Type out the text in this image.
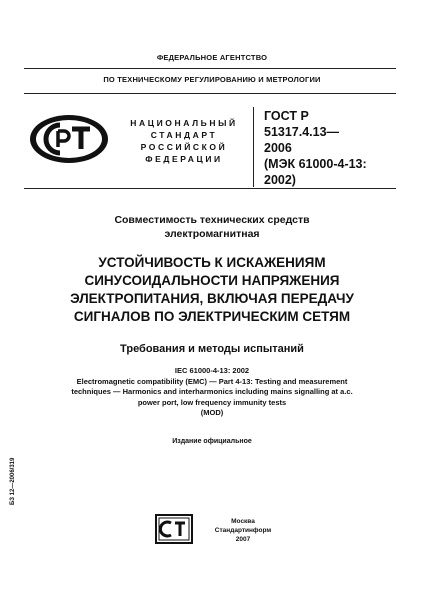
ФЕДЕРАЛЬНОЕ АГЕНТСТВО
ПО ТЕХНИЧЕСКОМУ РЕГУЛИРОВАНИЮ И МЕТРОЛОГИИ
НАЦИОНАЛЬНЫЙ
СТАНДАРТ
РОССИЙСКОЙ
ФЕДЕРАЦИИ
ГОСТ Р
51317.4.13—
2006
(МЭК 61000-4-13:
2002)
Совместимость технических средств
электромагнитная
УСТОЙЧИВОСТЬ К ИСКАЖЕНИЯМ
СИНУСОИДАЛЬНОСТИ НАПРЯЖЕНИЯ
ЭЛЕКТРОПИТАНИЯ, ВКЛЮЧАЯ ПЕРЕДАЧУ
СИГНАЛОВ ПО ЭЛЕКТРИЧЕСКИМ СЕТЯМ
Требования и методы испытаний
IEC 61000-4-13: 2002
Electromagnetic compatibility (EMC) — Part 4-13: Testing and measurement
techniques — Harmonics and interharmonics including mains signalling at a.c.
power port, low frequency immunity tests
(MOD)
Издание официальное
БЗ 12—2006/319
Москва
Стандартинформ
2007
